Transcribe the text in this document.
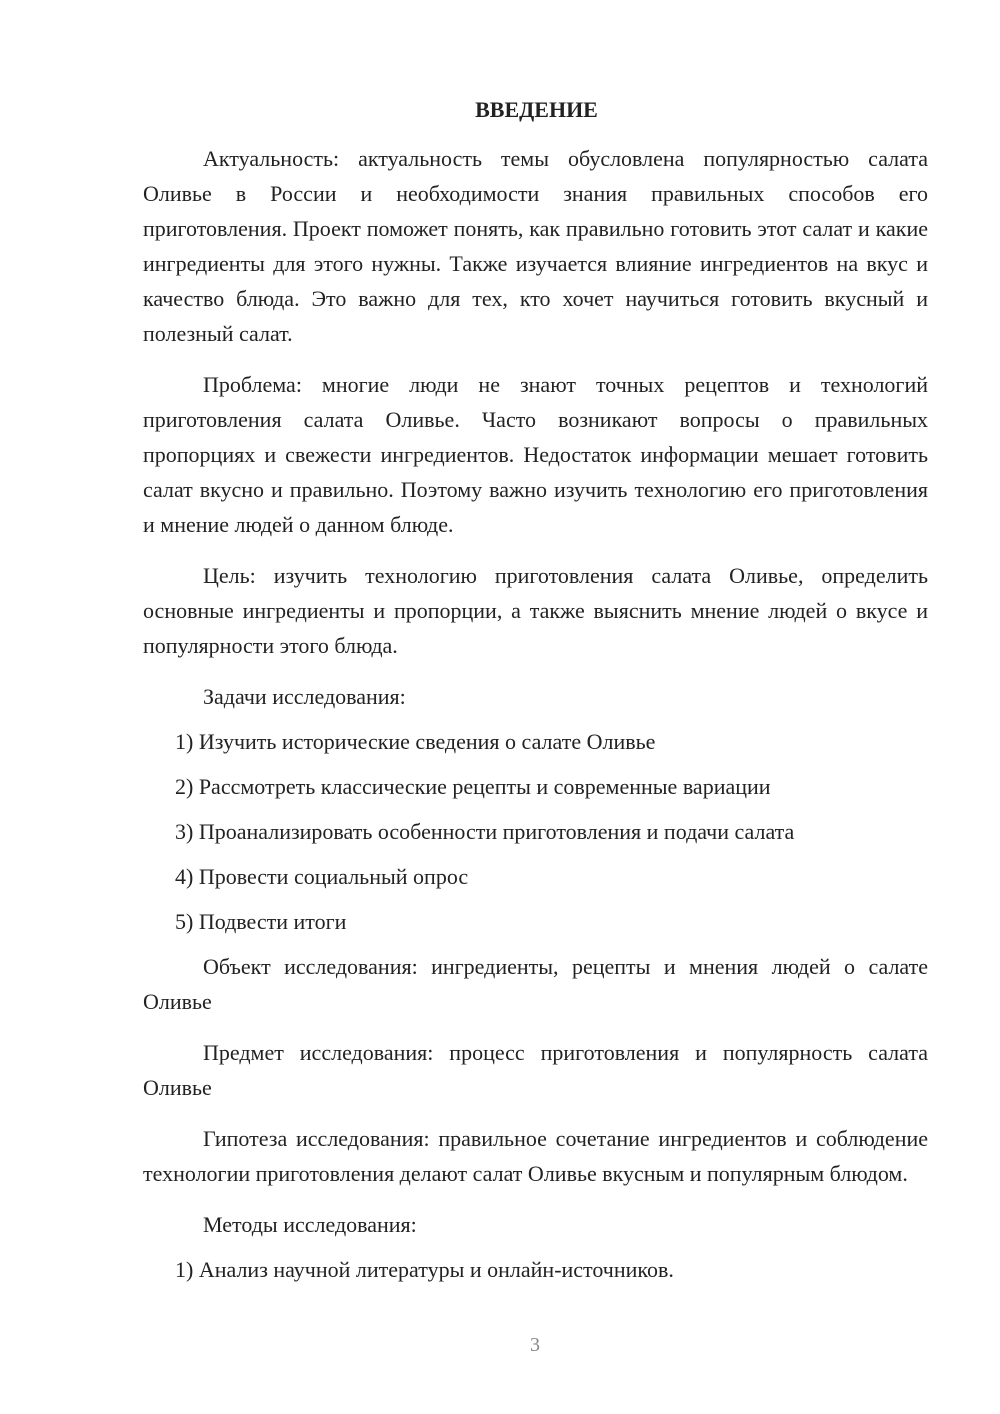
ВВЕДЕНИЕ

Актуальность: актуальность темы обусловлена популярностью салата Оливье в России и необходимости знания правильных способов его приготовления. Проект поможет понять, как правильно готовить этот салат и какие ингредиенты для этого нужны. Также изучается влияние ингредиентов на вкус и качество блюда. Это важно для тех, кто хочет научиться готовить вкусный и полезный салат.

Проблема: многие люди не знают точных рецептов и технологий приготовления салата Оливье. Часто возникают вопросы о правильных пропорциях и свежести ингредиентов. Недостаток информации мешает готовить салат вкусно и правильно. Поэтому важно изучить технологию его приготовления и мнение людей о данном блюде.

Цель: изучить технологию приготовления салата Оливье, определить основные ингредиенты и пропорции, а также выяснить мнение людей о вкусе и популярности этого блюда.

Задачи исследования:

1) Изучить исторические сведения о салате Оливье
2) Рассмотреть классические рецепты и современные вариации
3) Проанализировать особенности приготовления и подачи салата
4) Провести социальный опрос
5) Подвести итоги

Объект исследования: ингредиенты, рецепты и мнения людей о салате Оливье

Предмет исследования: процесс приготовления и популярность салата Оливье

Гипотеза исследования: правильное сочетание ингредиентов и соблюдение технологии приготовления делают салат Оливье вкусным и популярным блюдом.

Методы исследования:

1) Анализ научной литературы и онлайн-источников.
3
